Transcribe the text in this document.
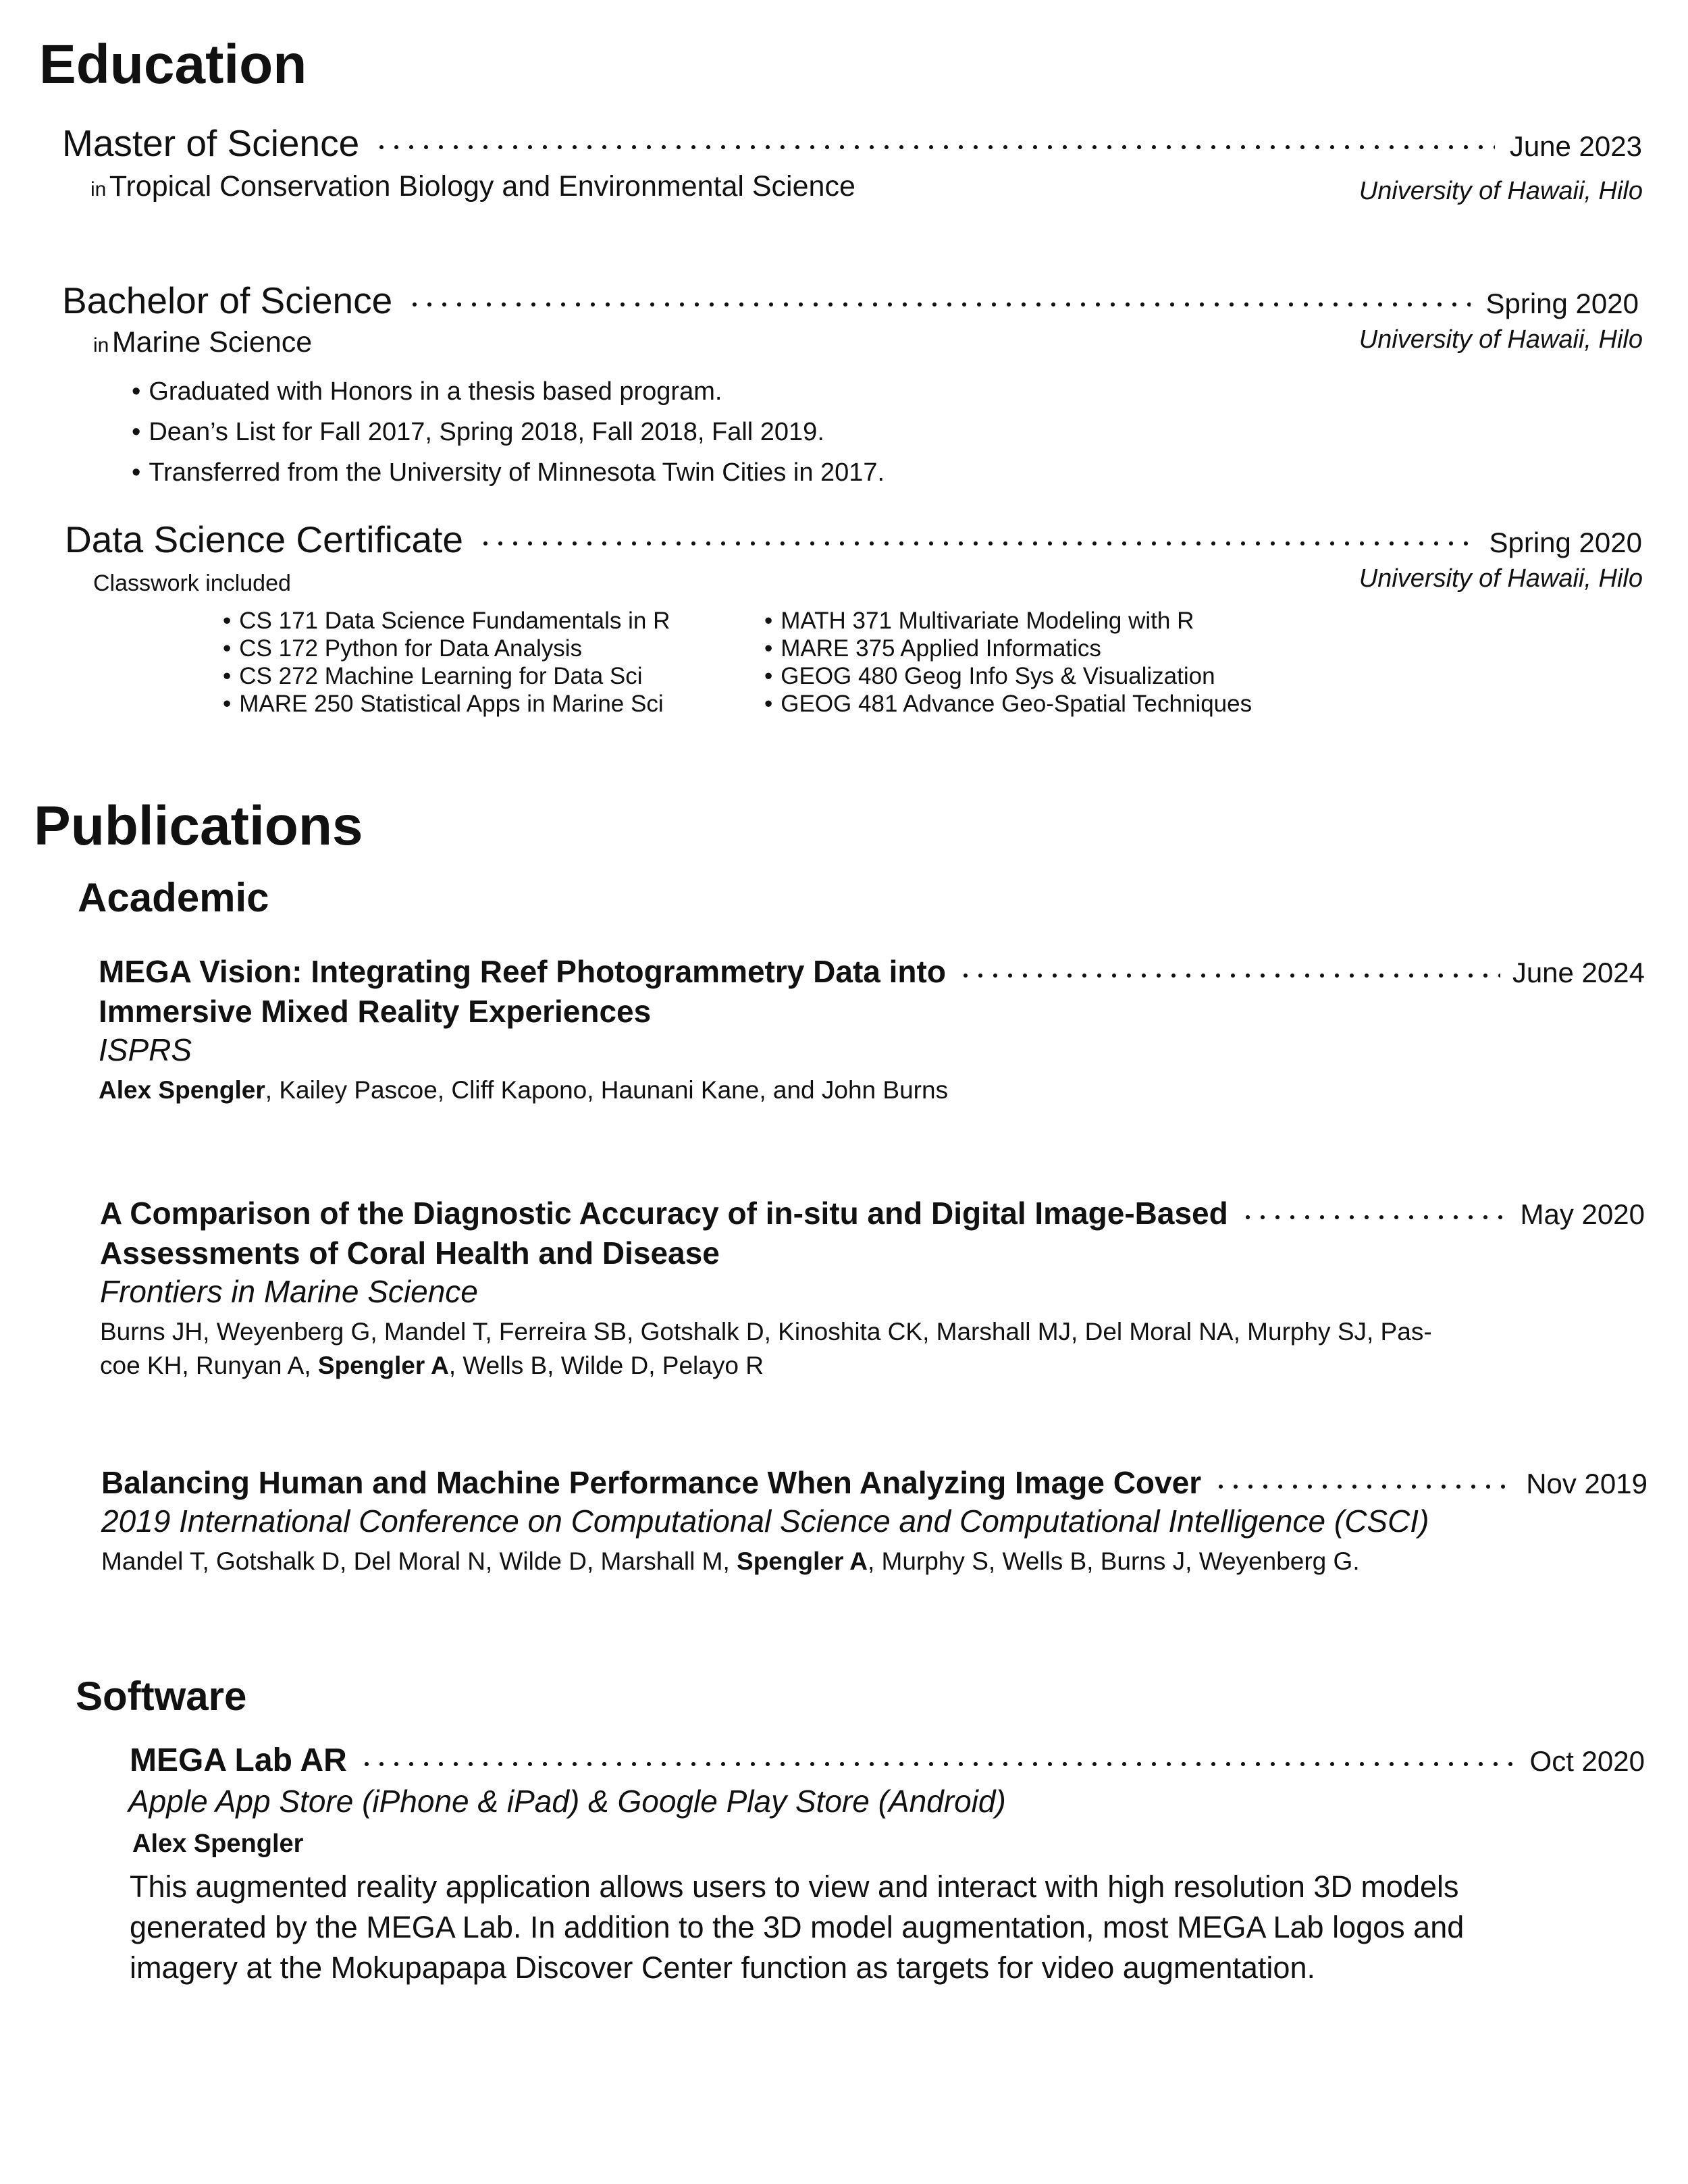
Education
Master of Science	June 2023
in Tropical Conservation Biology and Environmental Science	University of Hawaii, Hilo
Bachelor of Science	Spring 2020
in Marine Science	University of Hawaii, Hilo
• Graduated with Honors in a thesis based program.
• Dean’s List for Fall 2017, Spring 2018, Fall 2018, Fall 2019.
• Transferred from the University of Minnesota Twin Cities in 2017.
Data Science Certificate	Spring 2020
Classwork included	University of Hawaii, Hilo
• CS 171 Data Science Fundamentals in R
• CS 172 Python for Data Analysis
• CS 272 Machine Learning for Data Sci
• MARE 250 Statistical Apps in Marine Sci
• MATH 371 Multivariate Modeling with R
• MARE 375 Applied Informatics
• GEOG 480 Geog Info Sys & Visualization
• GEOG 481 Advance Geo-Spatial Techniques
Publications
Academic
MEGA Vision: Integrating Reef Photogrammetry Data into	June 2024
Immersive Mixed Reality Experiences
ISPRS
Alex Spengler, Kailey Pascoe, Cliff Kapono, Haunani Kane, and John Burns
A Comparison of the Diagnostic Accuracy of in-situ and Digital Image-Based	May 2020
Assessments of Coral Health and Disease
Frontiers in Marine Science
Burns JH, Weyenberg G, Mandel T, Ferreira SB, Gotshalk D, Kinoshita CK, Marshall MJ, Del Moral NA, Murphy SJ, Pas-
coe KH, Runyan A, Spengler A, Wells B, Wilde D, Pelayo R
Balancing Human and Machine Performance When Analyzing Image Cover	Nov 2019
2019 International Conference on Computational Science and Computational Intelligence (CSCI)
Mandel T, Gotshalk D, Del Moral N, Wilde D, Marshall M, Spengler A, Murphy S, Wells B, Burns J, Weyenberg G.
Software
MEGA Lab AR	Oct 2020
Apple App Store (iPhone & iPad) & Google Play Store (Android)
Alex Spengler
This augmented reality application allows users to view and interact with high resolution 3D models
generated by the MEGA Lab. In addition to the 3D model augmentation, most MEGA Lab logos and
imagery at the Mokupapapa Discover Center function as targets for video augmentation.
